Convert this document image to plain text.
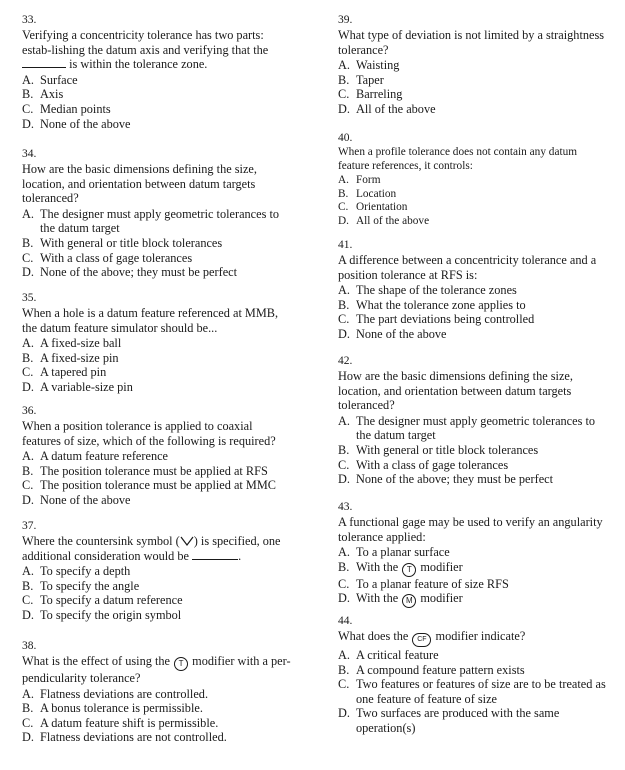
33.
Verifying a concentricity tolerance has two parts: estab-lishing the datum axis and verifying that the  is within the tolerance zone.
A. Surface
B. Axis
C. Median points
D. None of the above
34.
How are the basic dimensions defining the size, location, and orientation between datum targets toleranced?
A. The designer must apply geometric tolerances to the datum target
B. With general or title block tolerances
C. With a class of gage tolerances
D. None of the above; they must be perfect
35.
When a hole is a datum feature referenced at MMB, the datum feature simulator should be...
A. A fixed-size ball
B. A fixed-size pin
C. A tapered pin
D. A variable-size pin
36.
When a position tolerance is applied to coaxial features of size, which of the following is required?
A. A datum feature reference
B. The position tolerance must be applied at RFS
C. The position tolerance must be applied at MMC
D. None of the above
37.
Where the countersink symbol ( ) is specified, one additional consideration would be	.
A. To specify a depth
B. To specify the angle
C. To specify a datum reference
D. To specify the origin symbol
38.
What is the effect of using the T modifier with a per-pendicularity tolerance?
A. Flatness deviations are controlled.
B. A bonus tolerance is permissible.
C. A datum feature shift is permissible.
D. Flatness deviations are not controlled.
39.
What type of deviation is not limited by a straightness tolerance?
A. Waisting
B. Taper
C. Barreling
D. All of the above
40.
When a profile tolerance does not contain any datum feature references, it controls:
A. Form
B. Location
C. Orientation
D. All of the above
41.
A difference between a concentricity tolerance and a position tolerance at RFS is:
A. The shape of the tolerance zones
B. What the tolerance zone applies to
C. The part deviations being controlled
D. None of the above
42.
How are the basic dimensions defining the size, location, and orientation between datum targets toleranced?
A. The designer must apply geometric tolerances to the datum target
B. With general or title block tolerances
C. With a class of gage tolerances
D. None of the above; they must be perfect
43.
A functional gage may be used to verify an angularity tolerance applied:
A. To a planar surface
B. With the T modifier
C. To a planar feature of size RFS
D. With the M modifier
44.
What does the CF modifier indicate?
A. A critical feature
B. A compound feature pattern exists
C. Two features or features of size are to be treated as one feature of feature of size
D. Two surfaces are produced with the same operation(s)
